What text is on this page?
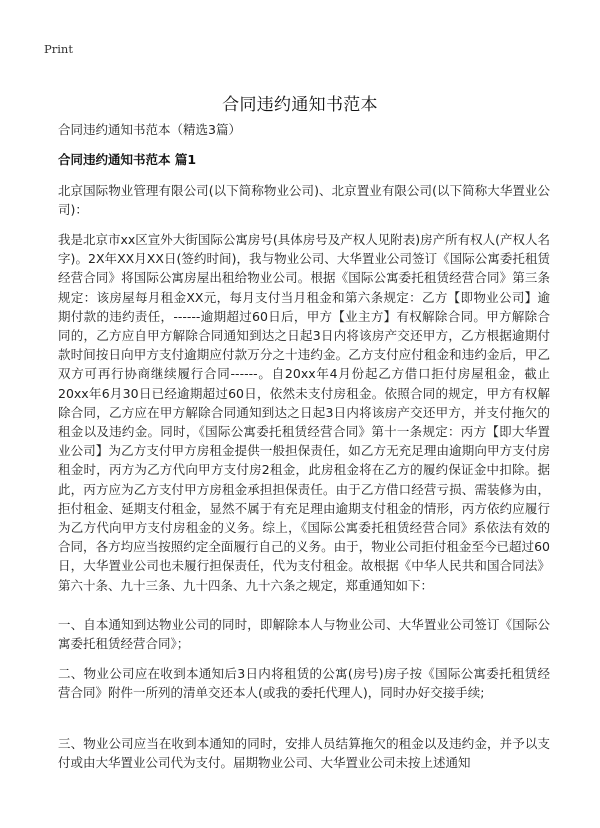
Print
合同违约通知书范本
合同违约通知书范本（精选3篇）
合同违约通知书范本 篇1

北京国际物业管理有限公司(以下简称物业公司)、北京置业有限公司(以下简称大华置业公司)：

我是北京市xx区宣外大街国际公寓房号(具体房号及产权人见附表)房产所有权人(产权人名字)。2X年XX月XX日(签约时间)，我与物业公司、大华置业公司签订《国际公寓委托租赁经营合同》将国际公寓房屋出租给物业公司。根据《国际公寓委托租赁经营合同》第三条规定：该房屋每月租金XX元，每月支付当月租金和第六条规定：乙方【即物业公司】逾期付款的违约责任，------逾期超过60日后，甲方【业主方】有权解除合同。甲方解除合同的，乙方应自甲方解除合同通知到达之日起3日内将该房产交还甲方，乙方根据逾期付款时间按日向甲方支付逾期应付款万分之十违约金。乙方支付应付租金和违约金后，甲乙双方可再行协商继续履行合同------。自20xx年4月份起乙方借口拒付房屋租金，截止20xx年6月30日已经逾期超过60日，依然未支付房租金。依照合同的规定，甲方有权解除合同，乙方应在甲方解除合同通知到达之日起3日内将该房产交还甲方，并支付拖欠的租金以及违约金。同时，《国际公寓委托租赁经营合同》第十一条规定：丙方【即大华置业公司】为乙方支付甲方房租金提供一般担保责任，如乙方无充足理由逾期向甲方支付房租金时，丙方为乙方代向甲方支付房2租金，此房租金将在乙方的履约保证金中扣除。据此，丙方应为乙方支付甲方房租金承担担保责任。由于乙方借口经营亏损、需装修为由，拒付租金、延期支付租金，显然不属于有充足理由逾期支付租金的情形，丙方依约应履行为乙方代向甲方支付房租金的义务。综上，《国际公寓委托租赁经营合同》系依法有效的合同，各方均应当按照约定全面履行自己的义务。由于，物业公司拒付租金至今已超过60日，大华置业公司也未履行担保责任，代为支付租金。故根据《中华人民共和国合同法》第六十条、九十三条、九十四条、九十六条之规定，郑重通知如下：

一、自本通知到达物业公司的同时，即解除本人与物业公司、大华置业公司签订《国际公寓委托租赁经营合同》；

二、物业公司应在收到本通知后3日内将租赁的公寓(房号)房子按《国际公寓委托租赁经营合同》附件一所列的清单交还本人(或我的委托代理人)，同时办好交接手续;

三、物业公司应当在收到本通知的同时，安排人员结算拖欠的租金以及违约金，并予以支付或由大华置业公司代为支付。届期物业公司、大华置业公司未按上述通知
